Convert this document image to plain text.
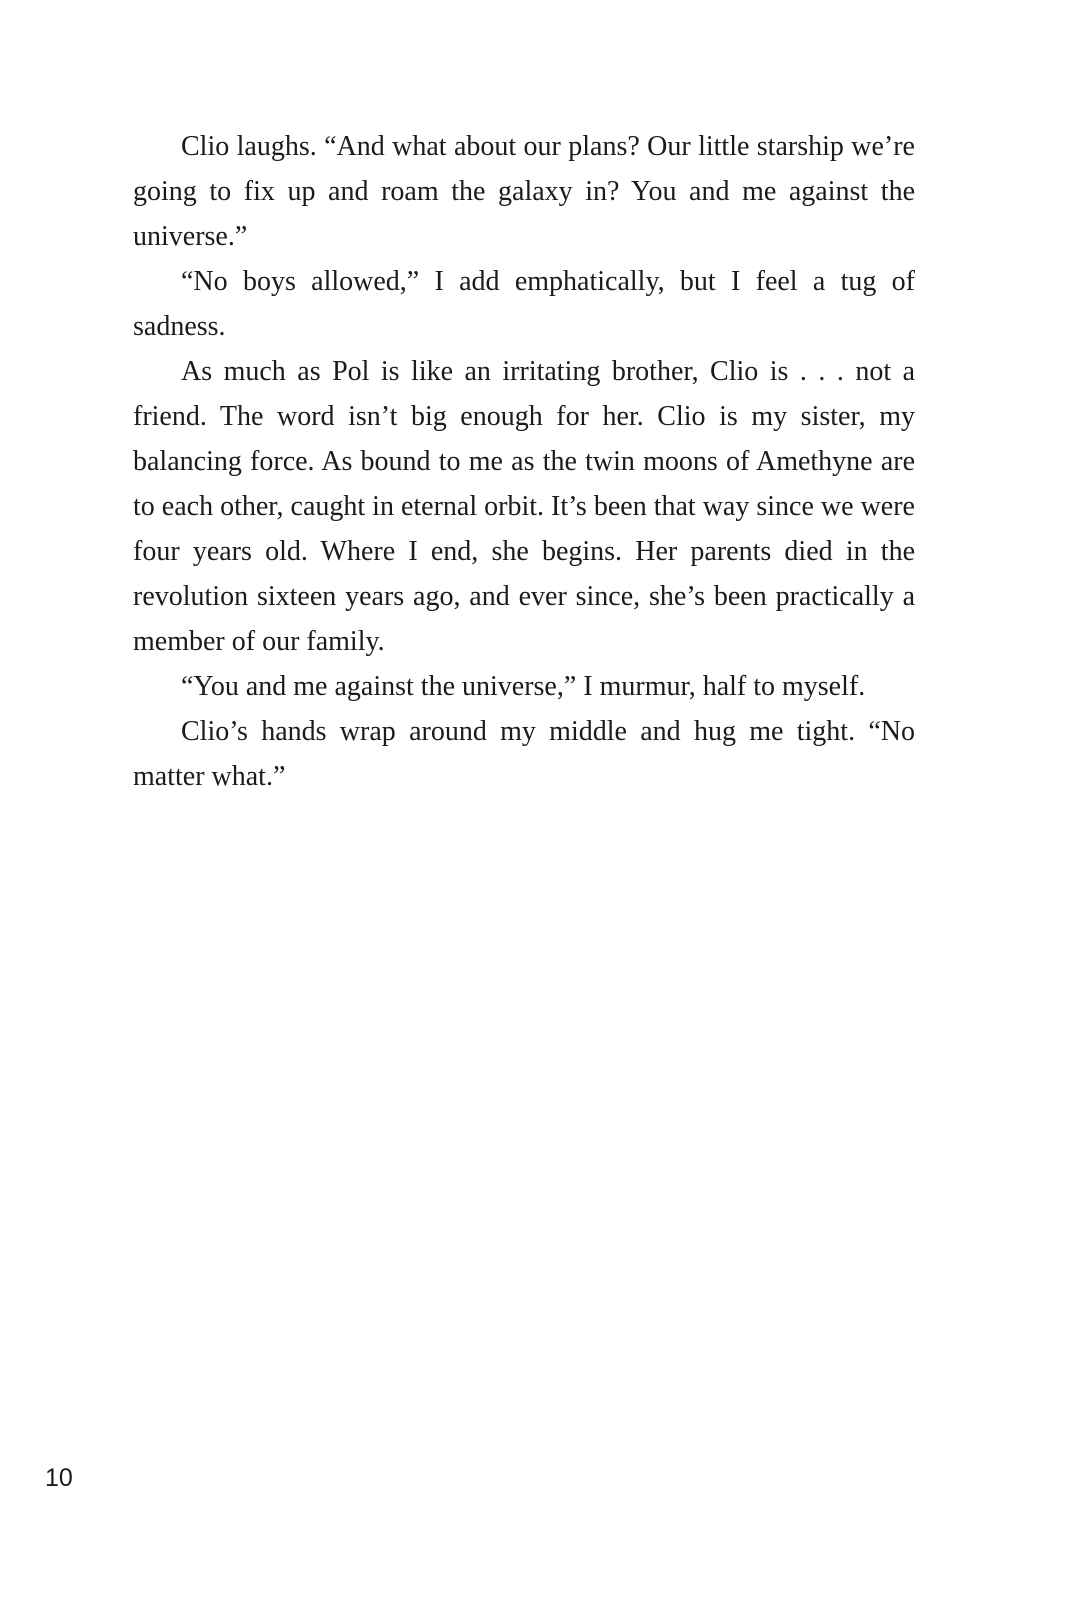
Clio laughs. “And what about our plans? Our little starship we’re going to fix up and roam the galaxy in? You and me against the universe.”

“No boys allowed,” I add emphatically, but I feel a tug of sadness.

As much as Pol is like an irritating brother, Clio is . . . not a friend. The word isn’t big enough for her. Clio is my sister, my balancing force. As bound to me as the twin moons of Amethyne are to each other, caught in eternal orbit. It’s been that way since we were four years old. Where I end, she begins. Her parents died in the revolution sixteen years ago, and ever since, she’s been practically a member of our family.

“You and me against the universe,” I murmur, half to myself.

Clio’s hands wrap around my middle and hug me tight. “No matter what.”

10
